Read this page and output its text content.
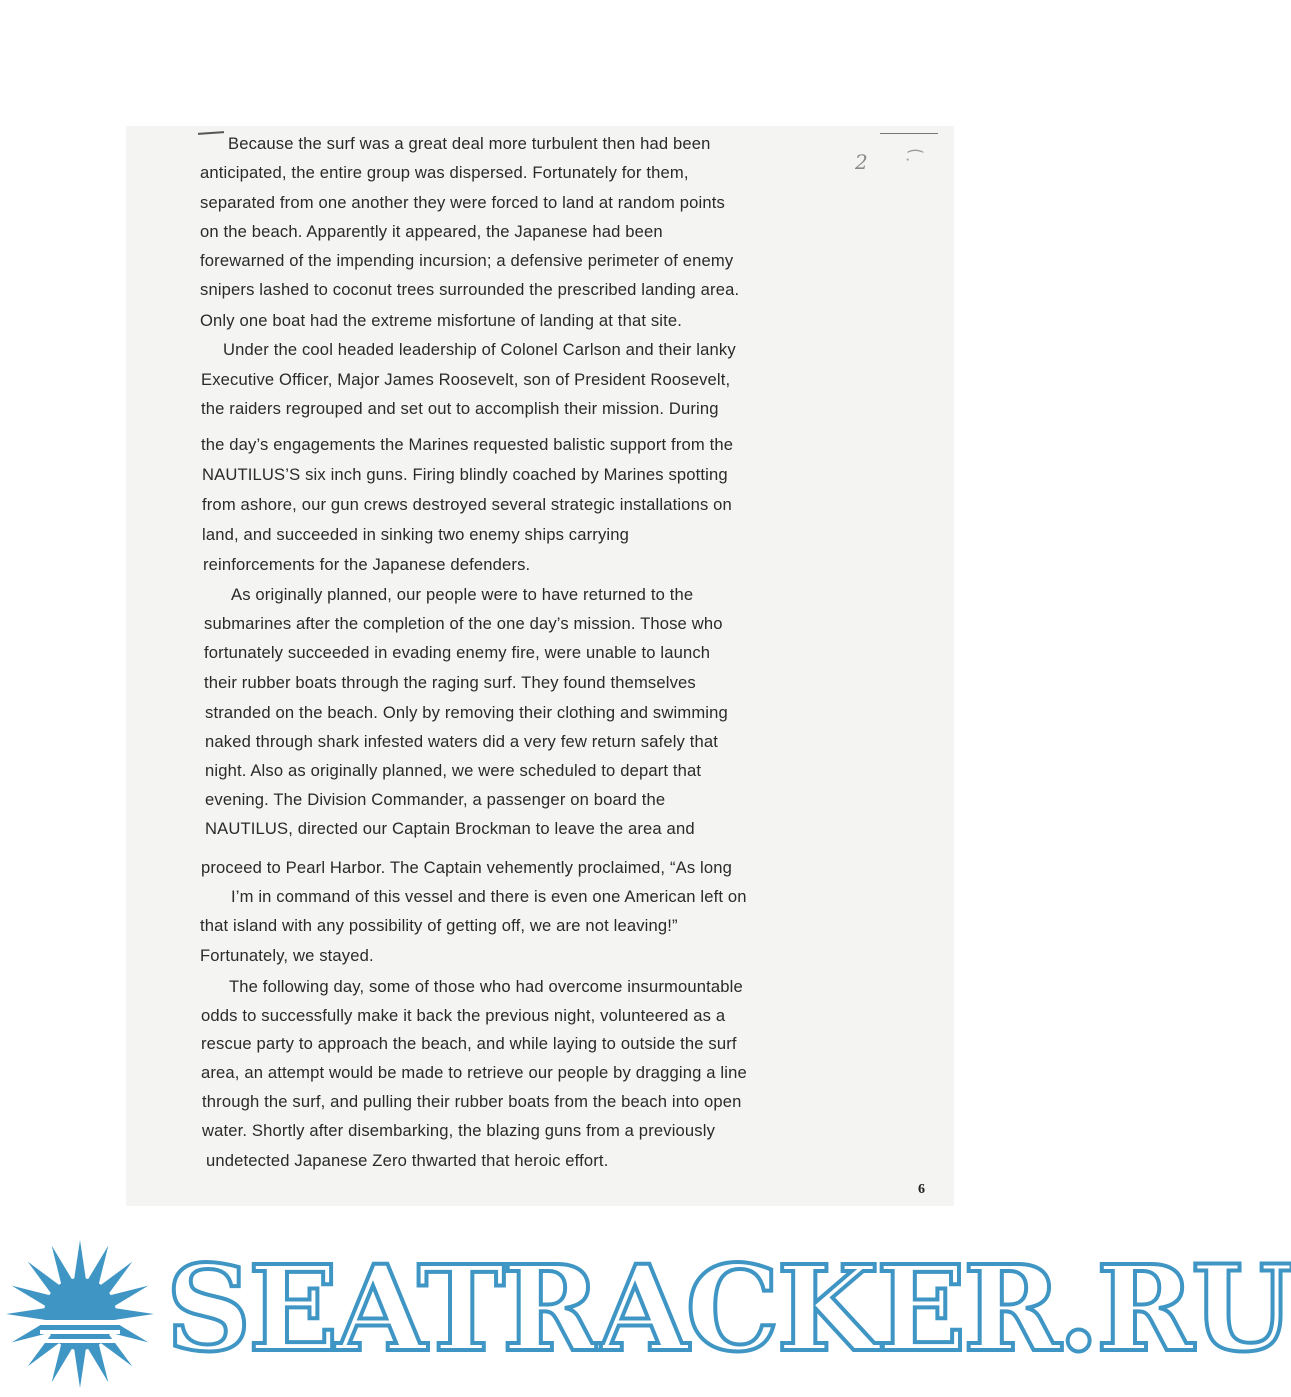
2 ᐧ ͡
Because the surf was a great deal more turbulent then had been
anticipated, the entire group was dispersed. Fortunately for them,
separated from one another they were forced to land at random points
on the beach. Apparently it appeared, the Japanese had been
forewarned of the impending incursion; a defensive perimeter of enemy
snipers lashed to coconut trees surrounded the prescribed landing area.
Only one boat had the extreme misfortune of landing at that site.
Under the cool headed leadership of Colonel Carlson and their lanky
Executive Officer, Major James Roosevelt, son of President Roosevelt,
the raiders regrouped and set out to accomplish their mission. During
the day’s engagements the Marines requested balistic support from the
NAUTILUS’S six inch guns. Firing blindly coached by Marines spotting
from ashore, our gun crews destroyed several strategic installations on
land, and succeeded in sinking two enemy ships carrying
reinforcements for the Japanese defenders.
As originally planned, our people were to have returned to the
submarines after the completion of the one day’s mission. Those who
fortunately succeeded in evading enemy fire, were unable to launch
their rubber boats through the raging surf. They found themselves
stranded on the beach. Only by removing their clothing and swimming
naked through shark infested waters did a very few return safely that
night. Also as originally planned, we were scheduled to depart that
evening. The Division Commander, a passenger on board the
NAUTILUS, directed our Captain Brockman to leave the area and
proceed to Pearl Harbor. The Captain vehemently proclaimed, “As long
I’m in command of this vessel and there is even one American left on
that island with any possibility of getting off, we are not leaving!”
Fortunately, we stayed.
The following day, some of those who had overcome insurmountable
odds to successfully make it back the previous night, volunteered as a
rescue party to approach the beach, and while laying to outside the surf
area, an attempt would be made to retrieve our people by dragging a line
through the surf, and pulling their rubber boats from the beach into open
water. Shortly after disembarking, the blazing guns from a previously
undetected Japanese Zero thwarted that heroic effort.
6
SEATRACKER.RU
